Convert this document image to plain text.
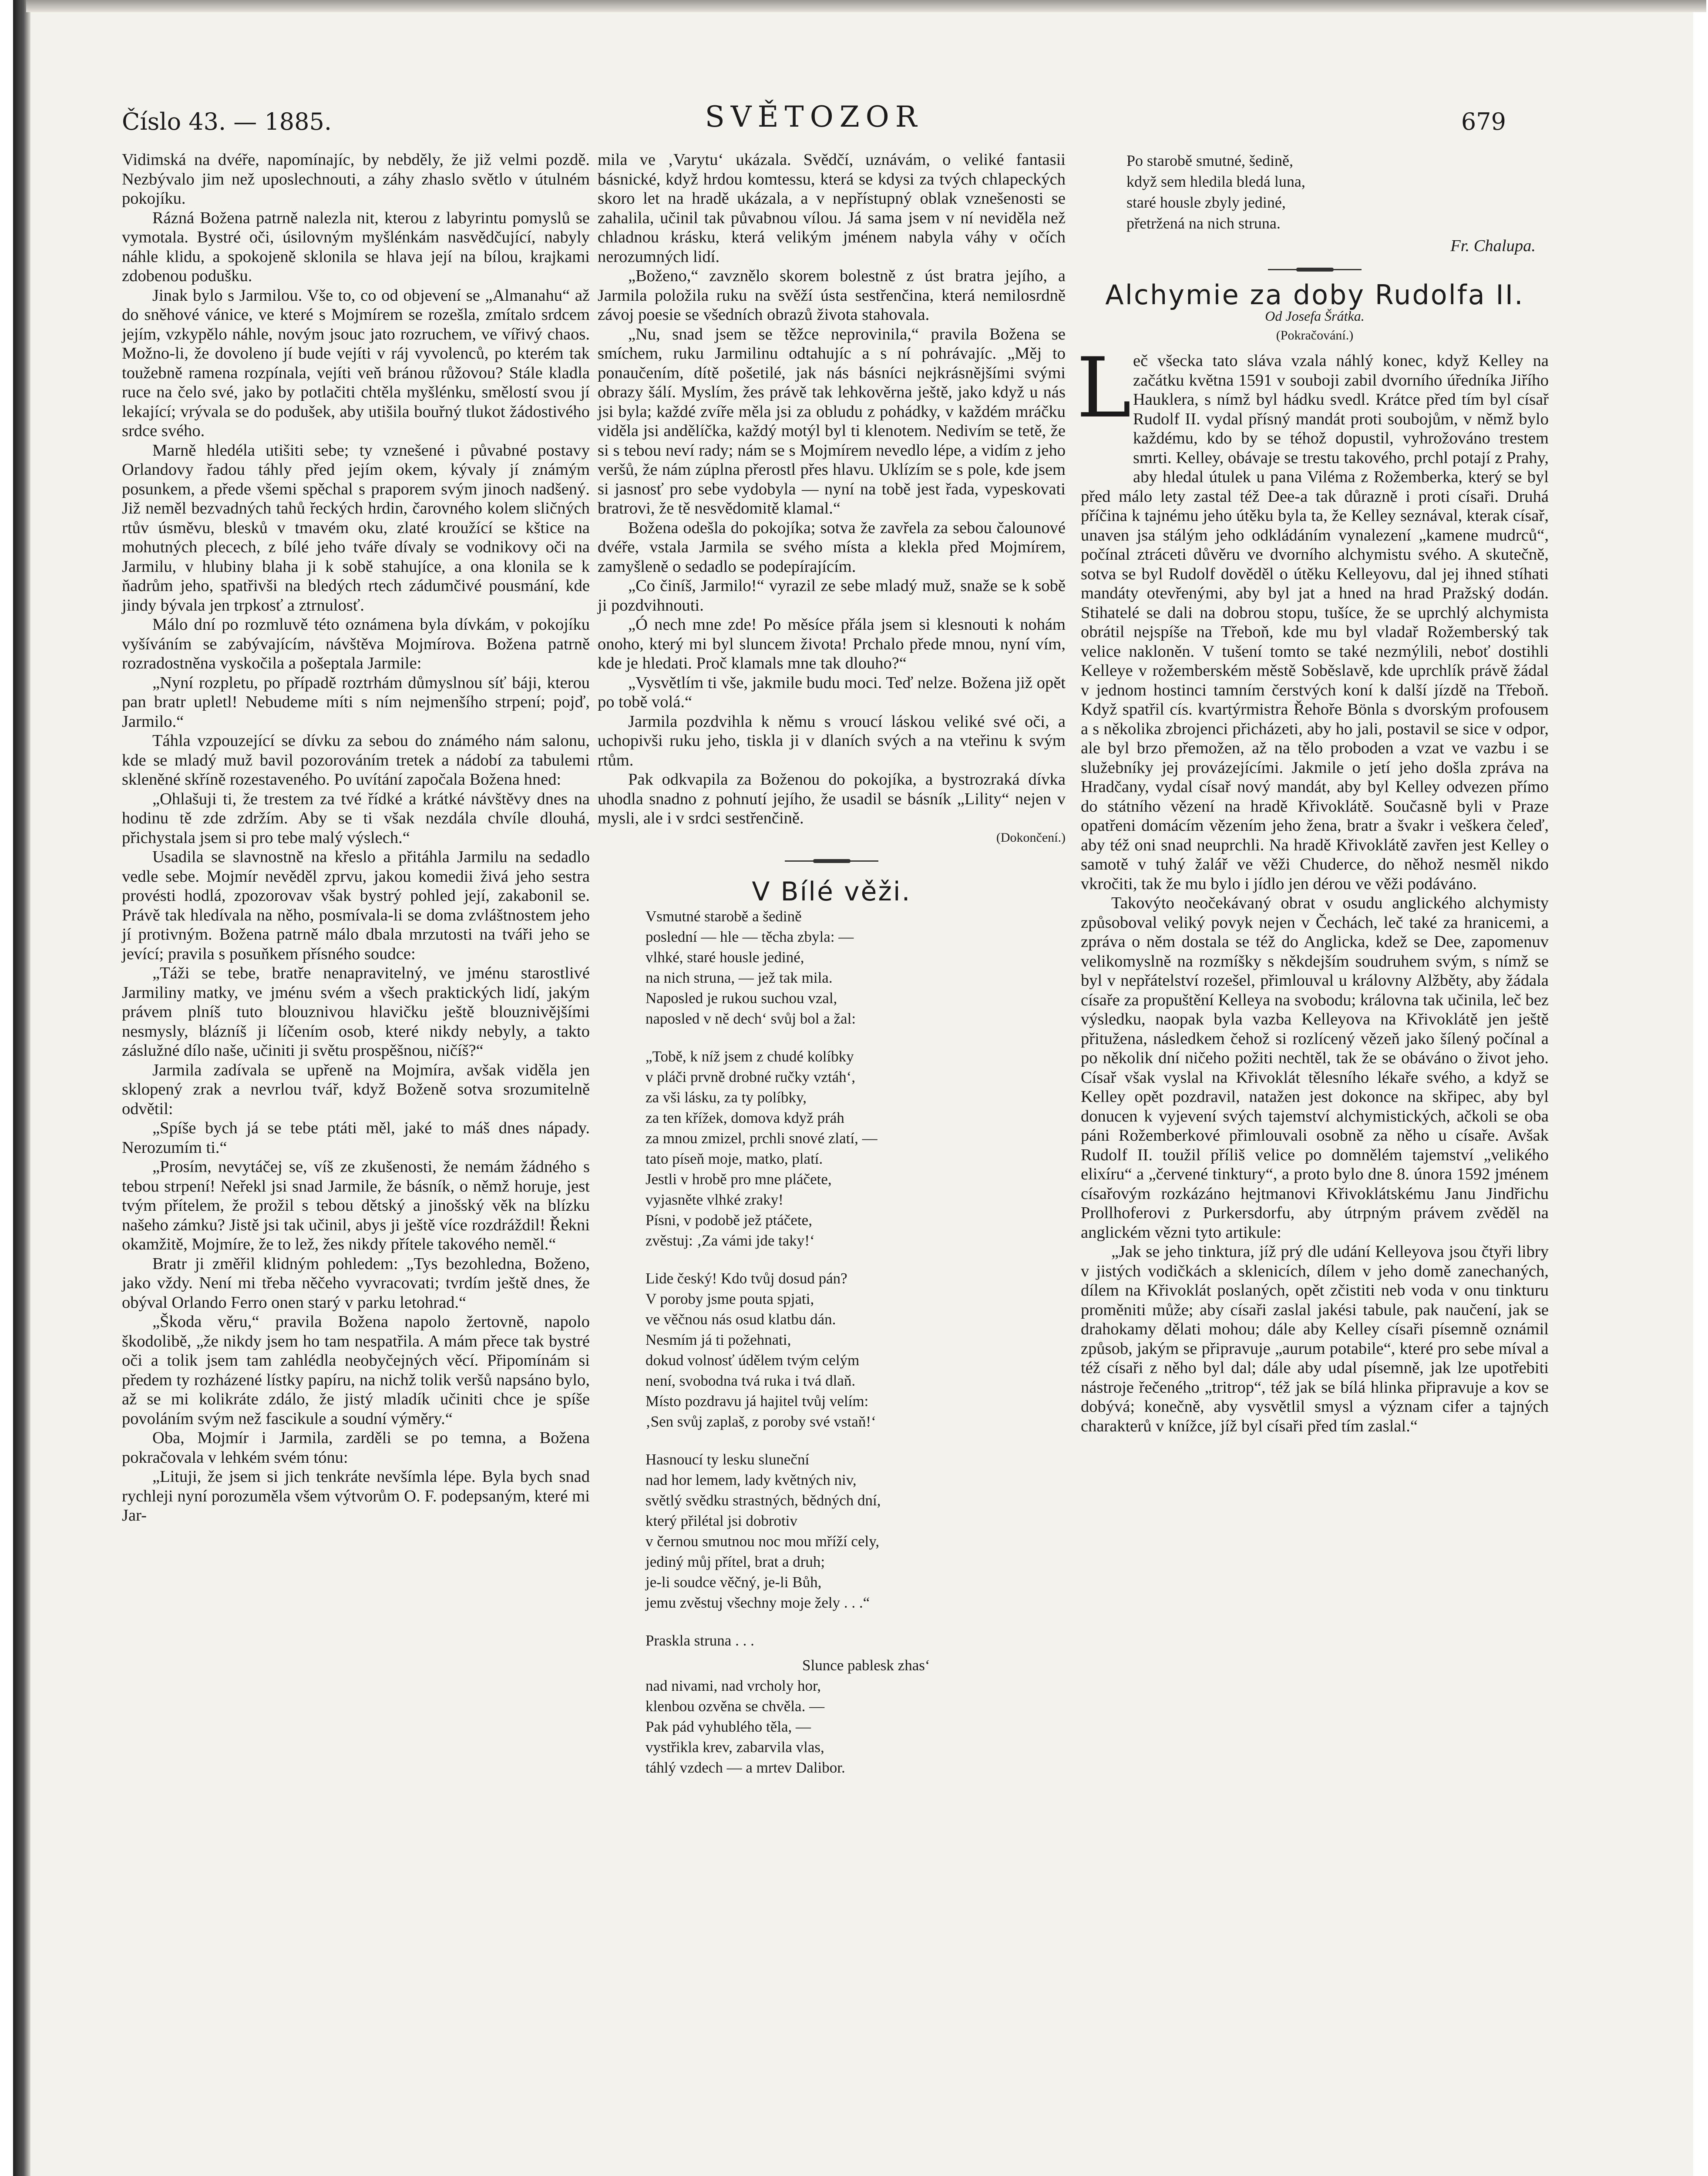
Číslo 43. — 1885.	SVĚTOZOR	679

Vidimská na dvéře, napomínajíc, by nebděly, že již velmi pozdě. Nezbývalo jim než uposlechnouti, a záhy zhaslo světlo v útulném pokojíku.

Rázná Božena patrně nalezla nit, kterou z labyrintu pomyslů se vymotala. Bystré oči, úsilovným myšlénkám nasvědčující, nabyly náhle klidu, a spokojeně sklonila se hlava její na bílou, krajkami zdobenou podušku.

Jinak bylo s Jarmilou. Vše to, co od objevení se „Almanahu“ až do sněhové vánice, ve které s Mojmírem se rozešla, zmítalo srdcem jejím, vzkypělo náhle, novým jsouc jato rozruchem, ve vířivý chaos. Možno-li, že dovoleno jí bude vejíti v ráj vyvolenců, po kterém tak toužebně ramena rozpínala, vejíti veň bránou růžovou? Stále kladla ruce na čelo své, jako by potlačiti chtěla myšlénku, smělostí svou jí lekající; vrývala se do podušek, aby utišila bouřný tlukot žádostivého srdce svého.

Marně hledéla utišiti sebe; ty vznešené i půvabné postavy Orlandovy řadou táhly před jejím okem, kývaly jí známým posunkem, a přede všemi spěchal s praporem svým jinoch nadšený. Již neměl bezvadných tahů řeckých hrdin, čarovného kolem sličných rtův úsměvu, blesků v tmavém oku, zlaté kroužící se kštice na mohutných plecech, z bílé jeho tváře dívaly se vodnikovy oči na Jarmilu, v hlubiny blaha ji k sobě stahujíce, a ona klonila se k ňadrům jeho, spatřivši na bledých rtech zádumčivé pousmání, kde jindy bývala jen trpkosť a ztrnulosť.

Málo dní po rozmluvě této oznámena byla dívkám, v pokojíku vyšíváním se zabývajícím, návštěva Mojmírova. Božena patrně rozradostněna vyskočila a pošeptala Jarmile:

„Nyní rozpletu, po případě roztrhám důmyslnou síť báji, kterou pan bratr upletl! Nebudeme míti s ním nejmenšího strpení; pojď, Jarmilo.“

Táhla vzpouzející se dívku za sebou do známého nám salonu, kde se mladý muž bavil pozorováním tretek a nádobí za tabulemi skleněné skříně rozestaveného. Po uvítání započala Božena hned:

„Ohlašuji ti, že trestem za tvé řídké a krátké návštěvy dnes na hodinu tě zde zdržím. Aby se ti však nezdála chvíle dlouhá, přichystala jsem si pro tebe malý výslech.“

Usadila se slavnostně na křeslo a přitáhla Jarmilu na sedadlo vedle sebe. Mojmír nevěděl zprvu, jakou komedii živá jeho sestra provésti hodlá, zpozorovav však bystrý pohled její, zakabonil se. Právě tak hledívala na něho, posmívala-li se doma zvláštnostem jeho jí protivným. Božena patrně málo dbala mrzutosti na tváři jeho se jevící; pravila s posuňkem přísného soudce:

„Táži se tebe, bratře nenapravitelný, ve jménu starostlivé Jarmiliny matky, ve jménu svém a všech praktických lidí, jakým právem plníš tuto blouznivou hlavičku ještě blouznivějšími nesmysly, blázníš ji líčením osob, které nikdy nebyly, a takto záslužné dílo naše, učiniti ji světu prospěšnou, ničíš?“

Jarmila zadívala se upřeně na Mojmíra, avšak viděla jen sklopený zrak a nevrlou tvář, když Boženě sotva srozumitelně odvětil:

„Spíše bych já se tebe ptáti měl, jaké to máš dnes nápady. Nerozumím ti.“

„Prosím, nevytáčej se, víš ze zkušenosti, že nemám žádného s tebou strpení! Neřekl jsi snad Jarmile, že básník, o němž horuje, jest tvým přítelem, že prožil s tebou dětský a jinošský věk na blízku našeho zámku? Jistě jsi tak učinil, abys ji ještě více rozdráždil! Řekni okamžitě, Mojmíre, že to lež, žes nikdy přítele takového neměl.“

Bratr ji změřil klidným pohledem: „Tys bezohledna, Boženo, jako vždy. Není mi třeba něčeho vyvracovati; tvrdím ještě dnes, že obýval Orlando Ferro onen starý v parku letohrad.“

„Škoda věru,“ pravila Božena napolo žertovně, napolo škodolibě, „že nikdy jsem ho tam nespatřila. A mám přece tak bystré oči a tolik jsem tam zahlédla neobyčejných věcí. Připomínám si předem ty rozházené lístky papíru, na nichž tolik veršů napsáno bylo, až se mi kolikráte zdálo, že jistý mladík učiniti chce je spíše povoláním svým než fascikule a soudní výměry.“

Oba, Mojmír i Jarmila, zarděli se po temna, a Božena pokračovala v lehkém svém tónu:

„Lituji, že jsem si jich tenkráte nevšímla lépe. Byla bych snad rychleji nyní porozuměla všem výtvorům O. F. podepsaným, které mi Jar-

mila ve ‚Varytu‘ ukázala. Svědčí, uznávám, o veliké fantasii básnické, když hrdou komtessu, která se kdysi za tvých chlapeckých skoro let na hradě ukázala, a v nepřístupný oblak vznešenosti se zahalila, učinil tak půvabnou vílou. Já sama jsem v ní neviděla než chladnou krásku, která velikým jménem nabyla váhy v očích nerozumných lidí.

„Boženo,“ zavznělo skorem bolestně z úst bratra jejího, a Jarmila položila ruku na svěží ústa sestřenčina, která nemilosrdně závoj poesie se všedních obrazů života stahovala.

„Nu, snad jsem se těžce neprovinila,“ pravila Božena se smíchem, ruku Jarmilinu odtahujíc a s ní pohrávajíc. „Měj to ponaučením, dítě pošetilé, jak nás básníci nejkrásnějšími svými obrazy šálí. Myslím, žes právě tak lehkověrna ještě, jako když u nás jsi byla; každé zvíře měla jsi za obludu z pohádky, v každém mráčku viděla jsi andělíčka, každý motýl byl ti klenotem. Nedivím se tetě, že si s tebou neví rady; nám se s Mojmírem nevedlo lépe, a vidím z jeho veršů, že nám zúplna přerostl přes hlavu. Uklízím se s pole, kde jsem si jasnosť pro sebe vydobyla — nyní na tobě jest řada, vypeskovati bratrovi, že tě nesvědomitě klamal.“

Božena odešla do pokojíka; sotva že zavřela za sebou čalounové dvéře, vstala Jarmila se svého místa a klekla před Mojmírem, zamyšleně o sedadlo se podepírajícím.

„Co činíš, Jarmilo!“ vyrazil ze sebe mladý muž, snaže se k sobě ji pozdvihnouti.

„Ó nech mne zde! Po měsíce přála jsem si klesnouti k nohám onoho, který mi byl sluncem života! Prchalo přede mnou, nyní vím, kde je hledati. Proč klamals mne tak dlouho?“

„Vysvětlím ti vše, jakmile budu moci. Teď nelze. Božena již opět po tobě volá.“

Jarmila pozdvihla k němu s vroucí láskou veliké své oči, a uchopivši ruku jeho, tiskla ji v dlaních svých a na vteřinu k svým rtům.

Pak odkvapila za Boženou do pokojíka, a bystrozraká dívka uhodla snadno z pohnutí jejího, že usadil se básník „Lility“ nejen v mysli, ale i v srdci sestřenčině.

(Dokončení.)
V Bílé věži.

Vsmutné starobě a šedině

poslední — hle — těcha zbyla: —

vlhké, staré housle jediné,

na nich struna, — jež tak mila.

Naposled je rukou suchou vzal,

naposled v ně dech‘ svůj bol a žal:

„Tobě, k níž jsem z chudé kolíbky

v pláči prvně drobné ručky vztáh‘,

za vši lásku, za ty políbky,

za ten křížek, domova když práh

za mnou zmizel, prchli snové zlatí, —

tato píseň moje, matko, platí.

Jestli v hrobě pro mne pláčete,

vyjasněte vlhké zraky!

Písni, v podobě jež ptáčete,

zvěstuj: ‚Za vámi jde taky!‘

Lide český! Kdo tvůj dosud pán?

V poroby jsme pouta spjati,

ve věčnou nás osud klatbu dán.

Nesmím já ti požehnati,

dokud volnosť údělem tvým celým

není, svobodna tvá ruka i tvá dlaň.

Místo pozdravu já hajitel tvůj velím:

‚Sen svůj zaplaš, z poroby své vstaň!‘

Hasnoucí ty lesku sluneční

nad hor lemem, lady květných niv,

světlý svědku strastných, bědných dní,

který přilétal jsi dobrotiv

v černou smutnou noc mou mříží cely,

jediný můj přítel, brat a druh;

je-li soudce věčný, je-li Bůh,

jemu zvěstuj všechny moje žely . . .“

Praskla struna . . .

Slunce pablesk zhas‘

nad nivami, nad vrcholy hor,

klenbou ozvěna se chvěla. —

Pak pád vyhublého těla, —

vystřikla krev, zabarvila vlas,

táhlý vzdech — a mrtev Dalibor.

Po starobě smutné, šedině,

když sem hledila bledá luna,

staré housle zbyly jediné,

přetržená na nich struna.

Fr. Chalupa.
Alchymie za doby Rudolfa II.
Od Josefa Šrátka.
(Pokračování.)
L eč všecka tato sláva vzala náhlý konec, když Kelley na začátku května 1591 v souboji zabil dvorního úředníka Jiřího Hauklera, s nímž byl hádku svedl. Krátce před tím byl císař Rudolf II. vydal přísný mandát proti soubojům, v němž bylo každému, kdo by se téhož dopustil, vyhrožováno trestem smrti. Kelley, obávaje se trestu takového, prchl potají z Prahy, aby hledal útulek u pana Viléma z Rožemberka, který se byl před málo lety zastal též Dee-a tak důrazně i proti císaři. Druhá příčina k tajnému jeho útěku byla ta, že Kelley seznával, kterak císař, unaven jsa stálým jeho odkládáním vynalezení „kamene mudrců“, počínal ztráceti důvěru ve dvorního alchymistu svého. A skutečně, sotva se byl Rudolf dověděl o útěku Kelleyovu, dal jej ihned stíhati mandáty otevřenými, aby byl jat a hned na hrad Pražský dodán. Stihatelé se dali na dobrou stopu, tušíce, že se uprchlý alchymista obrátil nejspíše na Třeboň, kde mu byl vladař Rožemberský tak velice nakloněn. V tušení tomto se také nezmýlili, neboť dostihli Kelleye v rožemberském městě Soběslavě, kde uprchlík právě žádal v jednom hostinci tamním čerstvých koní k další jízdě na Třeboň. Když spatřil cís. kvartýrmistra Řehoře Bönla s dvorským profousem a s několika zbrojenci přicházeti, aby ho jali, postavil se sice v odpor, ale byl brzo přemožen, až na tělo proboden a vzat ve vazbu i se služebníky jej provázejícími. Jakmile o jetí jeho došla zpráva na Hradčany, vydal císař nový mandát, aby byl Kelley odvezen přímo do státního vězení na hradě Křivoklátě. Současně byli v Praze opatřeni domácím vězením jeho žena, bratr a švakr i veškera čeleď, aby též oni snad neuprchli. Na hradě Křivoklátě zavřen jest Kelley o samotě v tuhý žalář ve věži Chuderce, do něhož nesměl nikdo vkročiti, tak že mu bylo i jídlo jen dérou ve věži podáváno.

Takovýto neočekávaný obrat v osudu anglického alchymisty způsoboval veliký povyk nejen v Čechách, leč také za hranicemi, a zpráva o něm dostala se též do Anglicka, kdež se Dee, zapomenuv velikomyslně na rozmíšky s někdejším soudruhem svým, s nímž se byl v nepřátelství rozešel, přimlouval u královny Alžběty, aby žádala císaře za propuštění Kelleya na svobodu; královna tak učinila, leč bez výsledku, naopak byla vazba Kelleyova na Křivoklátě jen ještě přitužena, následkem čehož si rozlícený vězeň jako šílený počínal a po několik dní ničeho požiti nechtěl, tak že se obáváno o život jeho. Císař však vyslal na Křivoklát tělesního lékaře svého, a když se Kelley opět pozdravil, natažen jest dokonce na skřipec, aby byl donucen k vyjevení svých tajemství alchymistických, ačkoli se oba páni Rožemberkové přimlouvali osobně za něho u císaře. Avšak Rudolf II. toužil příliš velice po domnělém tajemství „velikého elixíru“ a „červené tinktury“, a proto bylo dne 8. února 1592 jménem císařovým rozkázáno hejtmanovi Křivoklátskému Janu Jindřichu Prollhoferovi z Purkersdorfu, aby útrpným právem zvěděl na anglickém vězni tyto artikule:

„Jak se jeho tinktura, jíž prý dle udání Kelleyova jsou čtyři libry v jistých vodičkách a sklenicích, dílem v jeho domě zanechaných, dílem na Křivoklát poslaných, opět zčistiti neb voda v onu tinkturu proměniti může; aby císaři zaslal jakési tabule, pak naučení, jak se drahokamy dělati mohou; dále aby Kelley císaři písemně oznámil způsob, jakým se připravuje „aurum potabile“, které pro sebe míval a též císaři z něho byl dal; dále aby udal písemně, jak lze upotřebiti nástroje řečeného „tritrop“, též jak se bílá hlinka připravuje a kov se dobývá; konečně, aby vysvětlil smysl a význam cifer a tajných charakterů v knížce, jíž byl císaři před tím zaslal.“
